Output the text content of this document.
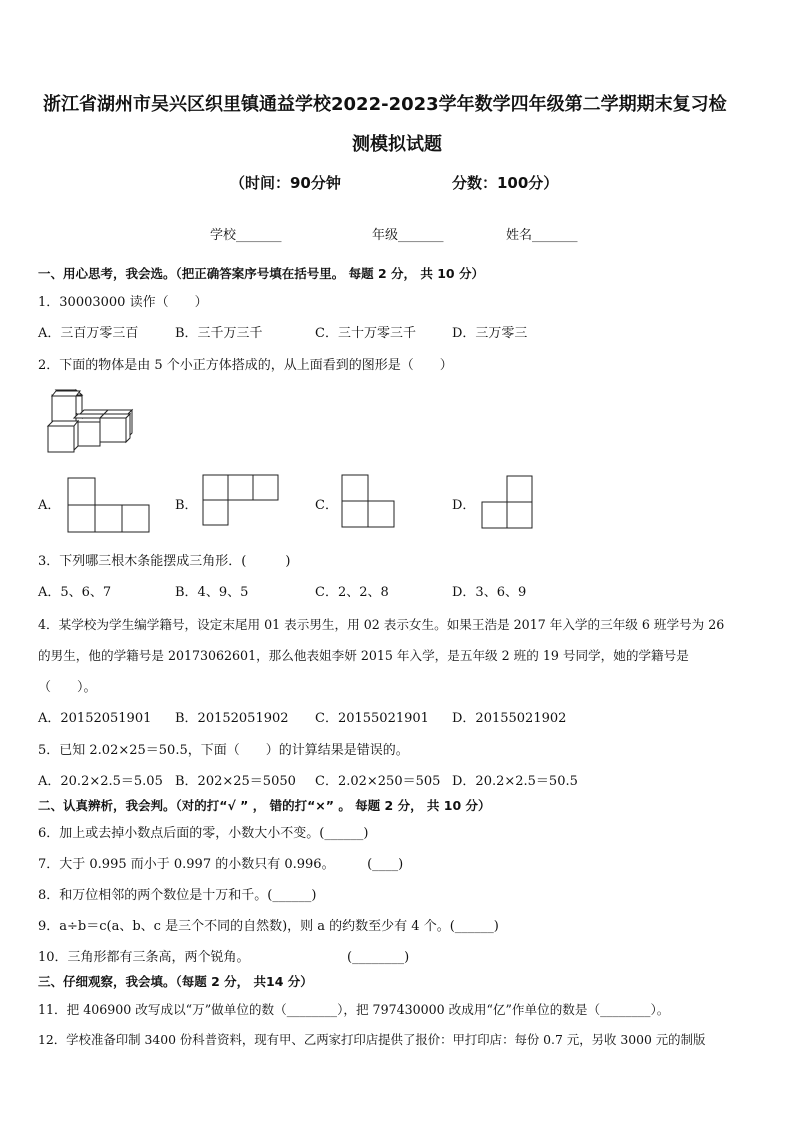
浙江省湖州市吴兴区织里镇通益学校2022-2023学年数学四年级第二学期期末复习检
测模拟试题
（时间：90分钟	分数：100分）
学校_______	年级_______	姓名_______
一、用心思考，我会选。（把正确答案序号填在括号里。 每题 2 分， 共 10 分）
1．30003000 读作（　　）
A．三百万零三百	B．三千万三千	C．三十万零三千	D．三万零三
2．下面的物体是由 5 个小正方体搭成的，从上面看到的图形是（　　）
A．	B．	C．	D．
3．下列哪三根木条能摆成三角形．(　　　)
A．5、6、7	B．4、9、5	C．2、2、8	D．3、6、9
4．某学校为学生编学籍号，设定末尾用 01 表示男生，用 02 表示女生。如果王浩是 2017 年入学的三年级 6 班学号为 26
的男生，他的学籍号是 20173062601，那么他表姐李妍 2015 年入学，是五年级 2 班的 19 号同学，她的学籍号是
（　　）。
A．20152051901 B．20152051902 C．20155021901 D．20155021902
5．已知 2.02×25＝50.5，下面（　　）的计算结果是错误的。
A．20.2×2.5＝5.05 B．202×25＝5050 C．2.02×250＝505 D．20.2×2.5＝50.5
二、认真辨析，我会判。（对的打“√ ” ， 错的打“×” 。 每题 2 分， 共 10 分）
6．加上或去掉小数点后面的零，小数大小不变。(______)
7．大于 0.995 而小于 0.997 的小数只有 0.996。　　　(____)
8．和万位相邻的两个数位是十万和千。(______)
9．a÷b＝c(a、b、c 是三个不同的自然数)，则 a 的约数至少有 4 个。(______)
10．三角形都有三条高，两个锐角。　　　　　　　　(________)
三、仔细观察，我会填。（每题 2 分， 共14 分）
11．把 406900 改写成以“万”做单位的数（________），把 797430000 改成用“亿”作单位的数是（________）。
12．学校准备印制 3400 份科普资料，现有甲、乙两家打印店提供了报价：甲打印店：每份 0.7 元，另收 3000 元的制版
